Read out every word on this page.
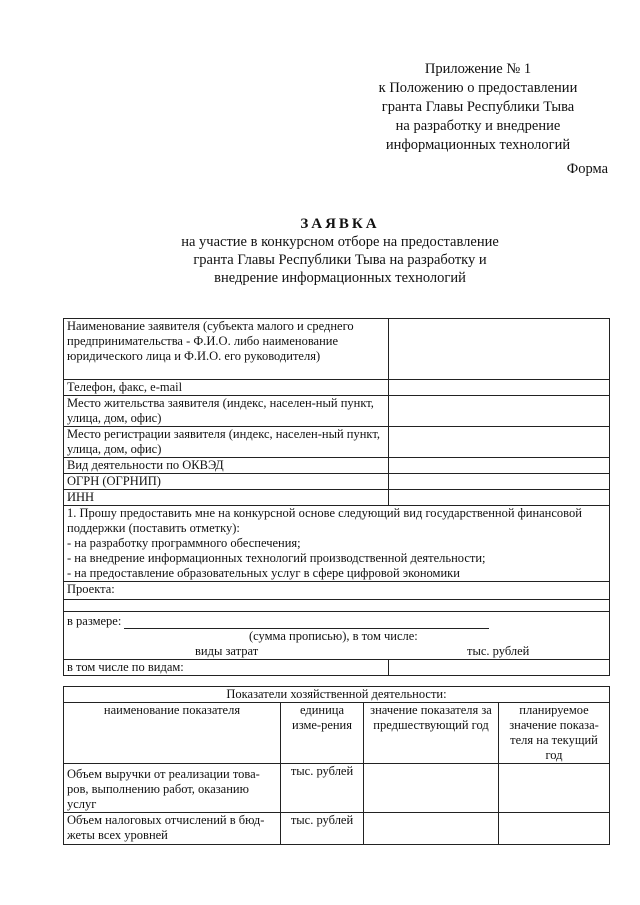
Приложение № 1
к Положению о предоставлении
гранта Главы Республики Тыва
на разработку и внедрение
информационных технологий
Форма
ЗАЯВКА
на участие в конкурсном отборе на предоставление
гранта Главы Республики Тыва на разработку и
внедрение информационных технологий
Наименование заявителя (субъекта малого и среднего предпринимательства - Ф.И.О. либо наименование юридического лица и Ф.И.О. его руководителя)	
Телефон, факс, e-mail	
Место жительства заявителя (индекс, населен-ный пункт, улица, дом, офис)	
Место регистрации заявителя (индекс, населен-ный пункт, улица, дом, офис)	
Вид деятельности по ОКВЭД	
ОГРН (ОГРНИП)	
ИНН	

1. Прошу предоставить мне на конкурсной основе следующий вид государственной финансовой поддержки (поставить отметку):
- на разработку программного обеспечения;
- на внедрение информационных технологий производственной деятельности;
- на предоставление образовательных услуг в сфере цифровой экономики	

Проекта:	

в размере:
(сумма прописью), в том числе:
виды затрат тыс. рублей	

в том числе по видам:	
Показатели хозяйственной деятельности:			
наименование показателя	единица изме-рения	значение показателя за предшествующий год	планируемое значение показа-теля на текущий год
Объем выручки от реализации това-ров, выполнению работ, оказанию услуг	тыс. рублей		
Объем налоговых отчислений в бюд-жеты всех уровней	тыс. рублей		
